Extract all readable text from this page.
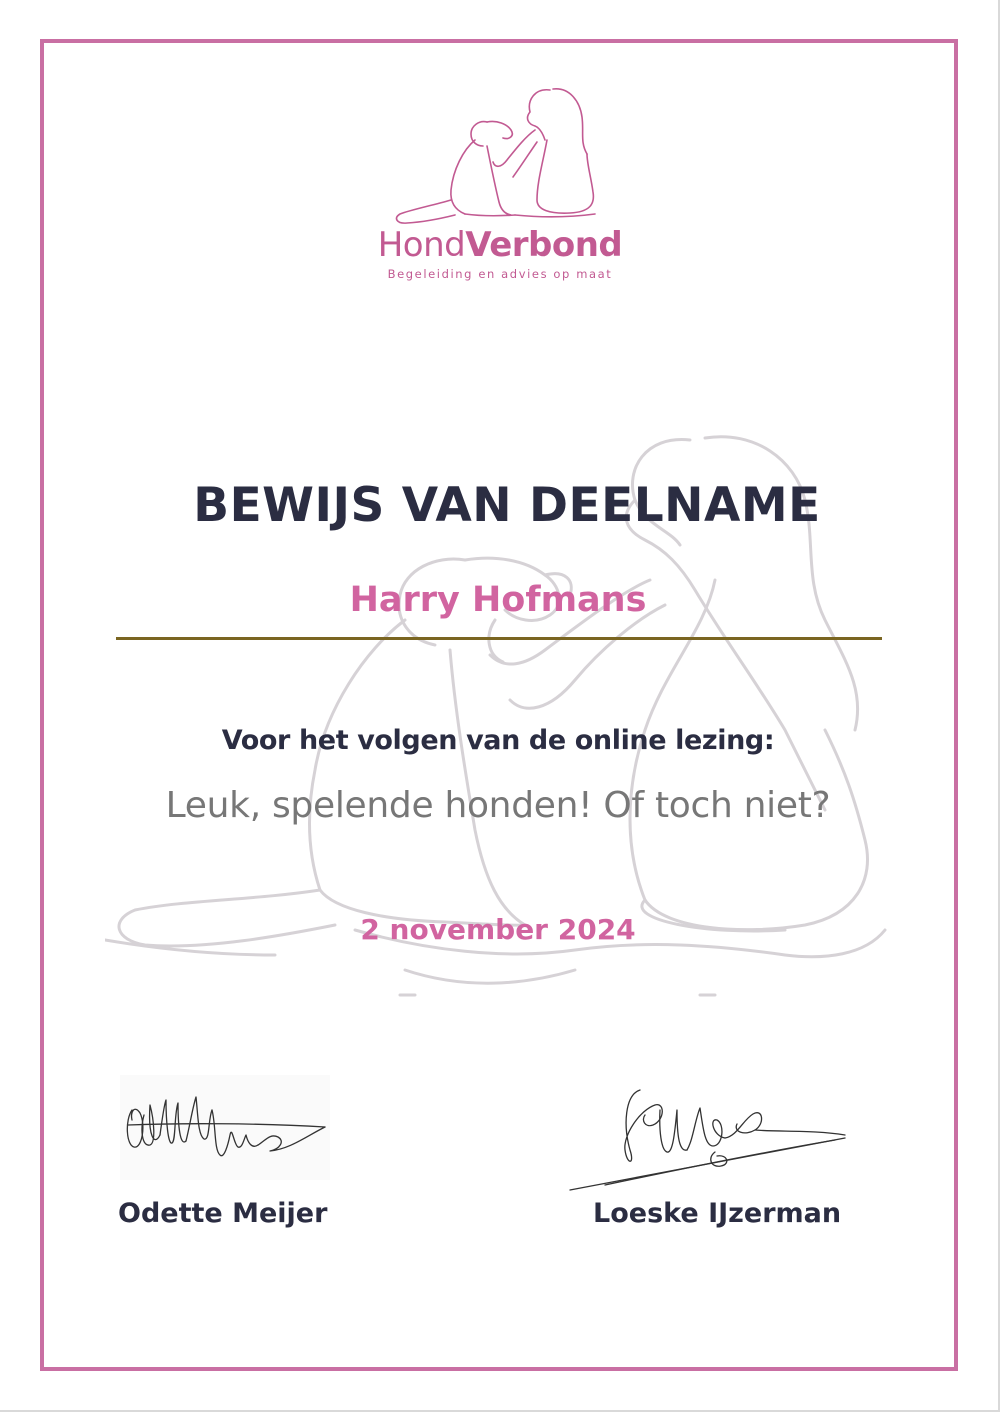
HondVerbond
Begeleiding en advies op maat
BEWIJS VAN DEELNAME
Harry Hofmans
Voor het volgen van de online lezing:
Leuk, spelende honden! Of toch niet?
2 november 2024
Odette Meijer	Loeske IJzerman
